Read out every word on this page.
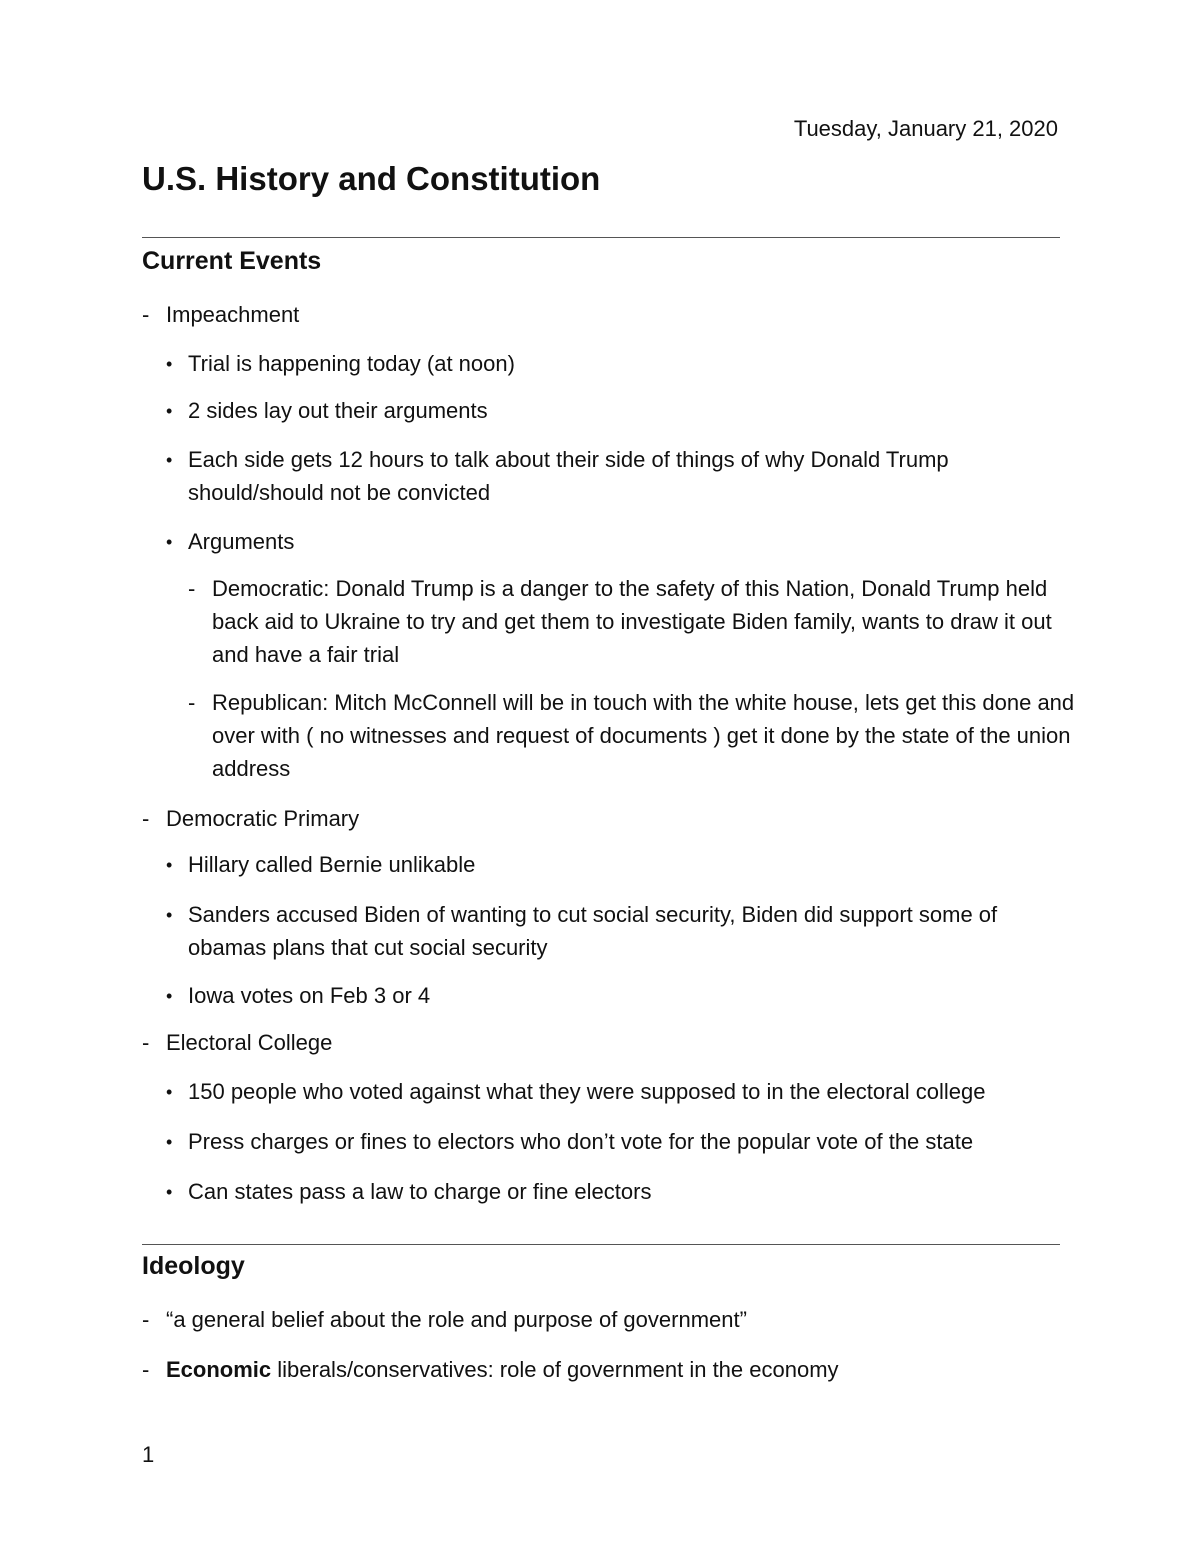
Tuesday, January 21, 2020
U.S. History and Constitution
Current Events
- Impeachment
• Trial is happening today (at noon)
• 2 sides lay out their arguments
• Each side gets 12 hours to talk about their side of things of why Donald Trump should/should not be convicted
• Arguments
- Democratic: Donald Trump is a danger to the safety of this Nation, Donald Trump held back aid to Ukraine to try and get them to investigate Biden family, wants to draw it out and have a fair trial
- Republican: Mitch McConnell will be in touch with the white house, lets get this done and over with ( no witnesses and request of documents ) get it done by the state of the union address
- Democratic Primary
• Hillary called Bernie unlikable
• Sanders accused Biden of wanting to cut social security, Biden did support some of obamas plans that cut social security
• Iowa votes on Feb 3 or 4
- Electoral College
• 150 people who voted against what they were supposed to in the electoral college
• Press charges or fines to electors who don’t vote for the popular vote of the state
• Can states pass a law to charge or fine electors
Ideology
- “a general belief about the role and purpose of government”
- Economic liberals/conservatives: role of government in the economy
1
